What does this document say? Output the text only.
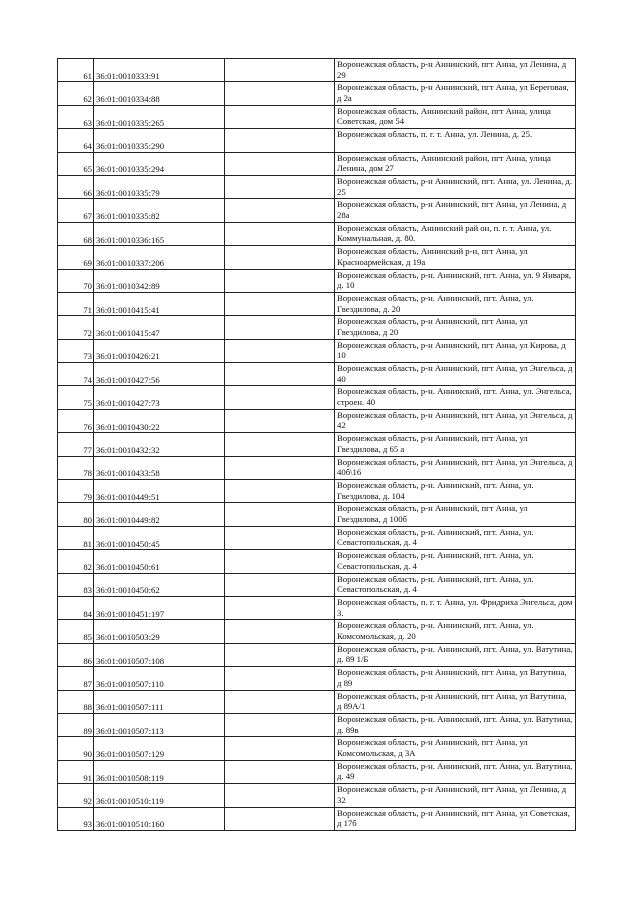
61	36:01:0010333:91		Воронежская область, р-н Аннинский, пгт Анна, ул Ленина, д 29
62	36:01:0010334:88		Воронежская область, р-н Аннинский, пгт Анна, ул Береговая, д 2а
63	36:01:0010335:265		Воронежская область, Аннинский район, пгт Анна, улица Советская, дом 54
64	36:01:0010335:290		Воронежская область, п. г. т. Анна, ул. Ленина, д. 25.
65	36:01:0010335:294		Воронежская область, Аннинский район, пгт Анна, улица Ленина, дом 27
66	36:01:0010335:79		Воронежская область, р-н Аннинский, пгт. Анна, ул. Ленина, д. 25
67	36:01:0010335:82		Воронежская область, р-н Аннинский, пгт Анна, ул Ленина, д 28а
68	36:01:0010336:165		Воронежская область, Аннинский рай он, п. г. т. Анна, ул. Коммунальная, д. 80.
69	36:01:0010337:206		Воронежская область, Аннинский р-н, пгт Анна, ул Красноармейская, д 19а
70	36:01:0010342:89		Воронежская область, р-н. Аннинский, пгт. Анна, ул. 9 Января, д. 10
71	36:01:0010415:41		Воронежская область, р-н. Аннинский, пгт. Анна, ул. Гвездилова, д. 20
72	36:01:0010415:47		Воронежская область, р-н Аннинский, пгт Анна, ул Гвездилова, д 20
73	36:01:0010426:21		Воронежская область, р-н Аннинский, пгт Анна, ул Кирова, д 10
74	36:01:0010427:56		Воронежская область, р-н Аннинский, пгт Анна, ул Энгельса, д 40
75	36:01:0010427:73		Воронежская область, р-н. Аннинский, пгт. Анна, ул. Энгельса, строен. 40
76	36:01:0010430:22		Воронежская область, р-н Аннинский, пгт Анна, ул Энгельса, д 42
77	36:01:0010432:32		Воронежская область, р-н Аннинский, пгт Анна, ул Гвездилова, д 65 а
78	36:01:0010433:58		Воронежская область, р-н Аннинский, пгт Анна, ул Энгельса, д 40б\16
79	36:01:0010449:51		Воронежская область, р-н. Аннинский, пгт. Анна, ул. Гвездилова, д. 104
80	36:01:0010449:82		Воронежская область, р-н Аннинский, пгт Анна, ул Гвездилова, д 100б
81	36:01:0010450:45		Воронежская область, р-н. Аннинский, пгт. Анна, ул. Севастопольская, д. 4
82	36:01:0010450:61		Воронежская область, р-н. Аннинский, пгт. Анна, ул. Севастопольская, д. 4
83	36:01:0010450:62		Воронежская область, р-н. Аннинский, пгт. Анна, ул. Севастопольская, д. 4
84	36:01:0010451:197		Воронежская область, п. г. т. Анна, ул. Фридриха Энгельса, дом 3.
85	36:01:0010503:29		Воронежская область, р-н. Аннинский, пгт. Анна, ул. Комсомольская, д. 20
86	36:01:0010507:108		Воронежская область, р-н. Аннинский, пгт. Анна, ул. Ватутина, д. 89 1/Б
87	36:01:0010507:110		Воронежская область, р-н Аннинский, пгт Анна, ул Ватутина, д 89
88	36:01:0010507:111		Воронежская область, р-н Аннинский, пгт Анна, ул Ватутина, д 89А/1
89	36:01:0010507:113		Воронежская область, р-н. Аннинский, пгт. Анна, ул. Ватутина, д. 89в
90	36:01:0010507:129		Воронежская область, р-н Аннинский, пгт Анна, ул Комсомольская, д 3А
91	36:01:0010508:119		Воронежская область, р-н. Аннинский, пгт. Анна, ул. Ватутина, д. 49
92	36:01:0010510:119		Воронежская область, р-н Аннинский, пгт Анна, ул Ленина, д 32
93	36:01:0010510:160		Воронежская область, р-н Аннинский, пгт Анна, ул Советская, д 17б
